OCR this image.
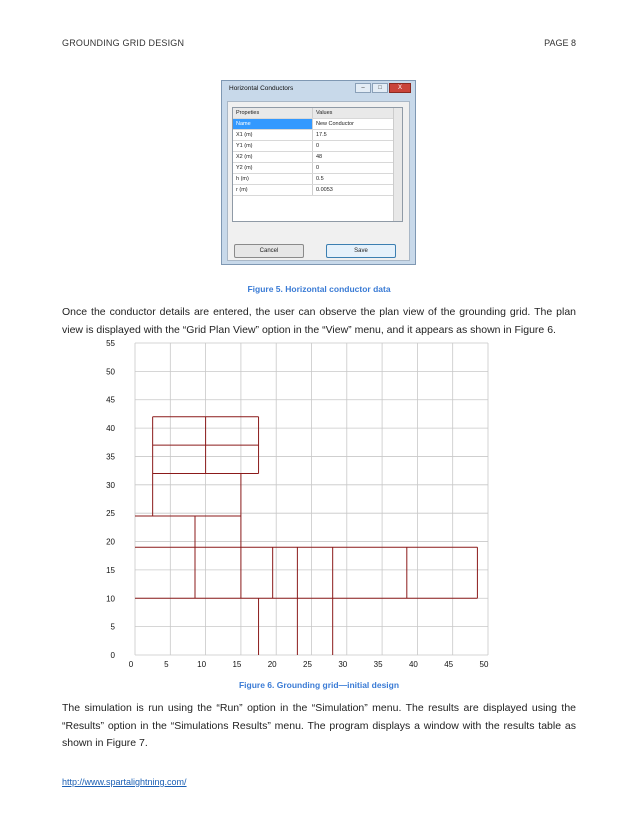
GROUNDING GRID DESIGN	PAGE 8
Horizontal Conductors	–	□	X
Propeties	Values
Name	New Conductor
X1 (m)	17.5
Y1 (m)	0
X2 (m)	48
Y2 (m)	0
h (m)	0.5
r (m)	0.0053
Cancel	Save
Figure 5. Horizontal conductor data
Once the conductor details are entered, the user can observe the plan view of the grounding grid. The plan view is displayed with the “Grid Plan View” option in the “View” menu, and it appears as shown in Figure 6.
0
5
10
15
20
25
30
35
40
45
50
55
0	5	10	15	20	25	30	35	40	45	50
Figure 6. Grounding grid—initial design
The simulation is run using the “Run” option in the “Simulation” menu. The results are displayed using the “Results” option in the “Simulations Results” menu. The program displays a window with the results table as shown in Figure 7.
http://www.spartalightning.com/
